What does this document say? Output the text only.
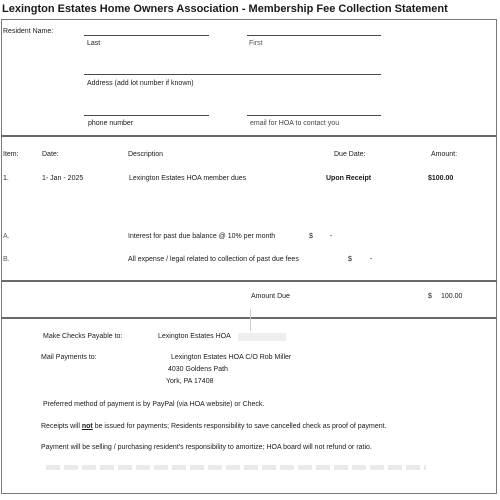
Lexington Estates Home Owners Association - Membership Fee Collection Statement
Resident Name:
Last	First
Address (add lot number if known)
phone number	email for HOA to contact you
Item:	Date:	Description	Due Date:	Amount:
1.	1- Jan - 2025	Lexington Estates HOA member dues	Upon Receipt	$100.00
A.	Interest for past due balance @ 10% per month	$ -
B.	All expense / legal related to collection of past due fees	$	-
Amount Due	$ 100.00
Make Checks Payable to:	Lexington Estates HOA
Mail Payments to:	Lexington Estates HOA C/O Rob Miller
4030 Goldens Path
York, PA 17408
Preferred method of payment is by PayPal (via HOA website) or Check.
Receipts will not be issued for payments; Residents responsibility to save cancelled check as proof of payment.
Payment will be selling / purchasing resident's responsibility to amortize; HOA board will not refund or ratio.
